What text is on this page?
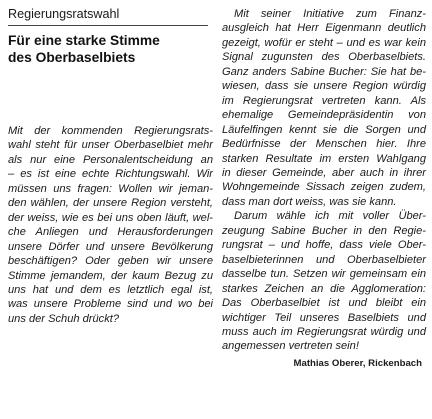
Regierungsratswahl
Für eine starke Stimme
des Oberbaselbiets

Mit der kommenden Regierungsrats-
wahl steht für unser Oberbaselbiet mehr
als nur eine Personalentscheidung an
– es ist eine echte Richtungswahl. Wir
müssen uns fragen: Wollen wir jeman-
den wählen, der unsere Region versteht,
der weiss, wie es bei uns oben läuft, wel-
che Anliegen und Herausforderungen
unsere Dörfer und unsere Bevölkerung
beschäftigen? Oder geben wir unsere
Stimme jemandem, der kaum Bezug zu
uns hat und dem es letztlich egal ist,
was unsere Probleme sind und wo bei
uns der Schuh drückt?

Mit seiner Initiative zum Finanz-
ausgleich hat Herr Eigenmann deutlich
gezeigt, wofür er steht – und es war kein
Signal zugunsten des Oberbaselbiets.
Ganz anders Sabine Bucher: Sie hat be-
wiesen, dass sie unsere Region würdig
im Regierungsrat vertreten kann. Als
ehemalige Gemeindepräsidentin von
Läufelfingen kennt sie die Sorgen und
Bedürfnisse der Menschen hier. Ihre
starken Resultate im ersten Wahlgang
in dieser Gemeinde, aber auch in ihrer
Wohngemeinde Sissach zeigen zudem,
dass man dort weiss, was sie kann.

Darum wähle ich mit voller Über-
zeugung Sabine Bucher in den Regie-
rungsrat – und hoffe, dass viele Ober-
baselbieterinnen und Oberbaselbieter
dasselbe tun. Setzen wir gemeinsam ein
starkes Zeichen an die Agglomeration:
Das Oberbaselbiet ist und bleibt ein
wichtiger Teil unseres Baselbiets und
muss auch im Regierungsrat würdig und
angemessen vertreten sein!

Mathias Oberer, Rickenbach
